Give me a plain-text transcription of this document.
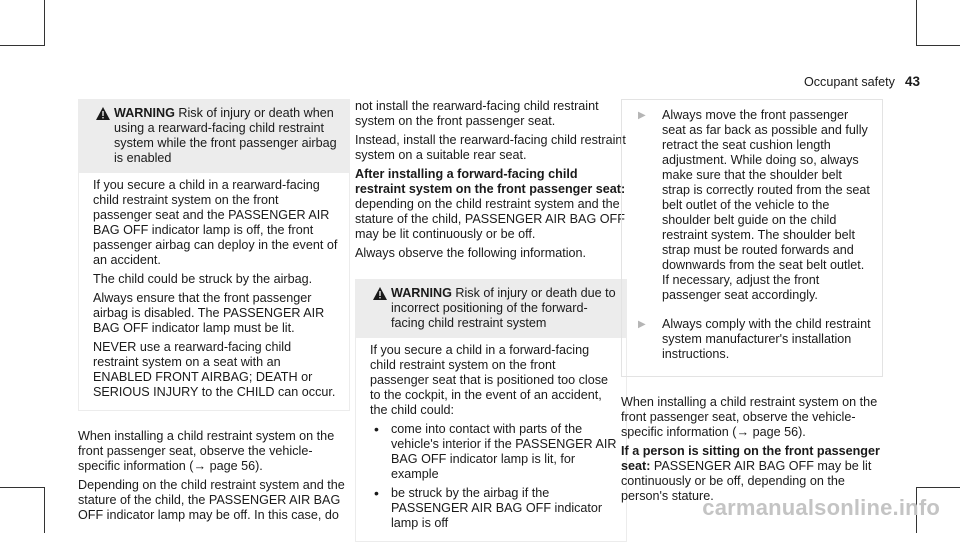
Occupant safety 43
WARNING Risk of injury or death when using a rearward-facing child restraint system while the front passenger airbag is enabled

If you secure a child in a rearward-facing child restraint system on the front passenger seat and the PASSENGER AIR BAG OFF indicator lamp is off, the front passenger airbag can deploy in the event of an accident.

The child could be struck by the airbag.

Always ensure that the front passenger airbag is disabled. The PASSENGER AIR BAG OFF indicator lamp must be lit.

NEVER use a rearward-facing child restraint system on a seat with an ENABLED FRONT AIRBAG; DEATH or SERIOUS INJURY to the CHILD can occur.

When installing a child restraint system on the front passenger seat, observe the vehicle-specific information (→ page 56).

Depending on the child restraint system and the stature of the child, the PASSENGER AIR BAG OFF indicator lamp may be off. In this case, do

not install the rearward-facing child restraint system on the front passenger seat.

Instead, install the rearward-facing child restraint system on a suitable rear seat.

After installing a forward-facing child restraint system on the front passenger seat: depending on the child restraint system and the stature of the child, PASSENGER AIR BAG OFF may be lit continuously or be off.

Always observe the following information.

WARNING Risk of injury or death due to incorrect positioning of the forward-facing child restraint system

If you secure a child in a forward-facing child restraint system on the front passenger seat that is positioned too close to the cockpit, in the event of an accident, the child could:

• come into contact with parts of the vehicle's interior if the PASSENGER AIR BAG OFF indicator lamp is lit, for example
• be struck by the airbag if the PASSENGER AIR BAG OFF indicator lamp is off
▶	Always move the front passenger seat as far back as possible and fully retract the seat cushion length adjustment. While doing so, always make sure that the shoulder belt strap is correctly routed from the seat belt outlet of the vehicle to the shoulder belt guide on the child restraint system. The shoulder belt strap must be routed forwards and downwards from the seat belt outlet. If necessary, adjust the front passenger seat accordingly.
▶	Always comply with the child restraint system manufacturer's installation instructions.

When installing a child restraint system on the front passenger seat, observe the vehicle-specific information (→ page 56).

If a person is sitting on the front passenger seat: PASSENGER AIR BAG OFF may be lit continuously or be off, depending on the person's stature.

carmanualsonline.info
